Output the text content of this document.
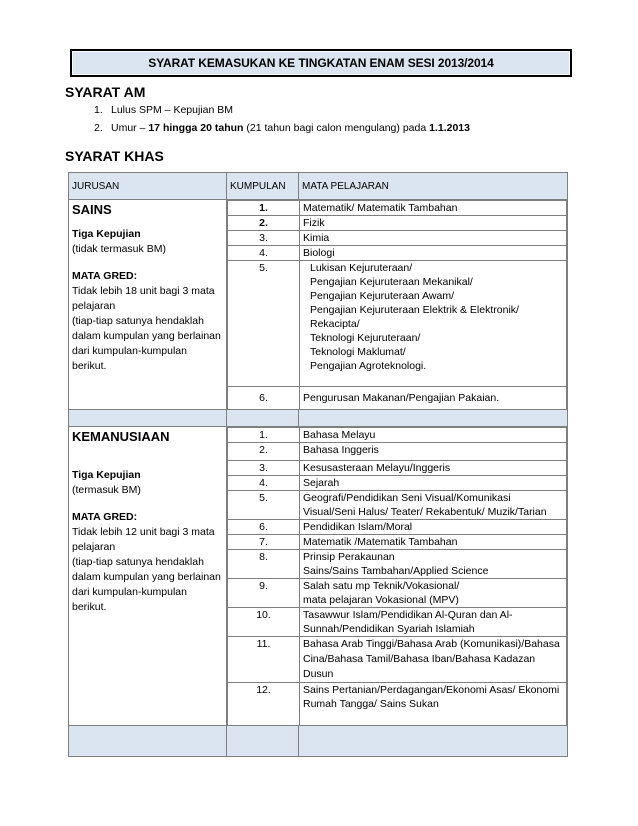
SYARAT KEMASUKAN KE TINGKATAN ENAM SESI 2013/2014
SYARAT AM
1. Lulus SPM – Kepujian BM
2. Umur – 17 hingga 20 tahun (21 tahun bagi calon mengulang) pada 1.1.2013
SYARAT KHAS
JURUSAN	KUMPULAN	MATA PELAJARAN

SAINS
Tiga Kepujian
(tidak termasuk BM)
MATA GRED:
Tidak lebih 18 unit bagi 3 mata pelajaran
(tiap-tiap satunya hendaklah dalam kumpulan yang berlainan dari kumpulan-kumpulan berikut.

1.	Matematik/ Matematik Tambahan
2.	Fizik
3.	Kimia
4.	Biologi
5.	Lukisan Kejuruteraan/
Pengajian Kejuruteraan Mekanikal/
Pengajian Kejuruteraan Awam/
Pengajian Kejuruteraan Elektrik & Elektronik/
Rekacipta/
Teknologi Kejuruteraan/
Teknologi Maklumat/
Pengajian Agroteknologi.
6.	Pengurusan Makanan/Pengajian Pakaian.

KEMANUSIAAN
Tiga Kepujian
(termasuk BM)
MATA GRED:
Tidak lebih 12 unit bagi 3 mata pelajaran
(tiap-tiap satunya hendaklah dalam kumpulan yang berlainan dari kumpulan-kumpulan berikut.

1.	Bahasa Melayu
2.	Bahasa Inggeris
3.	Kesusasteraan Melayu/Inggeris
4.	Sejarah
5.	Geografi/Pendidikan Seni Visual/Komunikasi Visual/Seni Halus/ Teater/ Rekabentuk/ Muzik/Tarian
6.	Pendidikan Islam/Moral
7.	Matematik /Matematik Tambahan
8.	Prinsip Perakaunan
Sains/Sains Tambahan/Applied Science
9.	Salah satu mp Teknik/Vokasional/
mata pelajaran Vokasional (MPV)
10.	Tasawwur Islam/Pendidikan Al-Quran dan Al-Sunnah/Pendidikan Syariah Islamiah
11.	Bahasa Arab Tinggi/Bahasa Arab (Komunikasi)/Bahasa Cina/Bahasa Tamil/Bahasa Iban/Bahasa Kadazan Dusun
12.	Sains Pertanian/Perdagangan/Ekonomi Asas/ Ekonomi Rumah Tangga/ Sains Sukan
